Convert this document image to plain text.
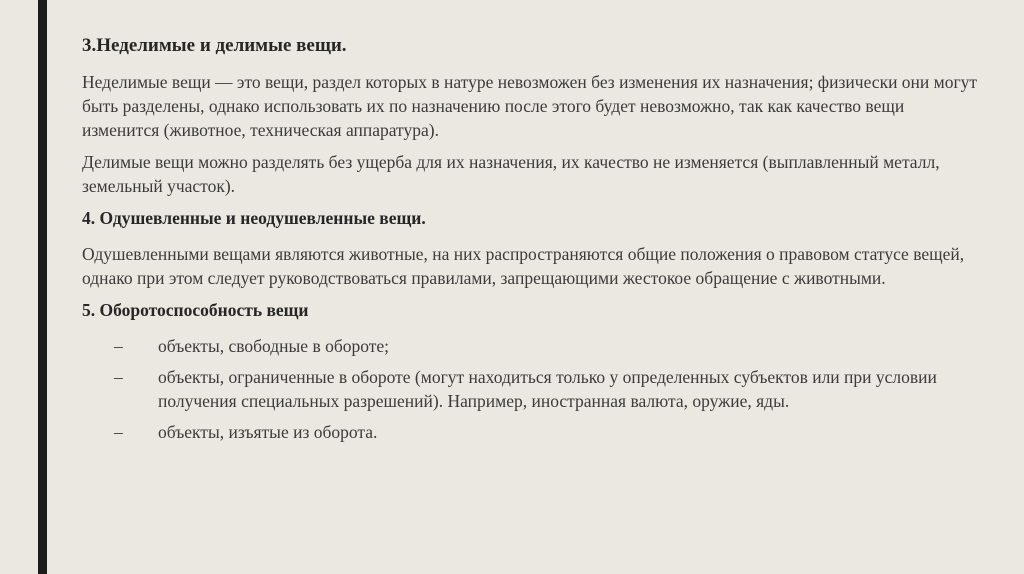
3.Неделимые и делимые вещи.

Неделимые вещи — это вещи, раздел которых в натуре невозможен без изменения их назначения; физически они могут быть разделены, однако использовать их по назначению после этого будет невозможно, так как качество вещи изменится (животное, техническая аппаратура).

Делимые вещи можно разделять без ущерба для их назначения, их качество не изменяется (выплавленный металл, земельный участок).

4. Одушевленные и неодушевленные вещи.

Одушевленными вещами являются животные, на них распространяются общие положения о правовом статусе вещей, однако при этом следует руководствоваться правилами, запрещающими жестокое обращение с животными.

5. Оборотоспособность вещи

– объекты, свободные в обороте;
– объекты, ограниченные в обороте (могут находиться только у определенных субъектов или при условии получения специальных разрешений). Например, иностранная валюта, оружие, яды.
– объекты, изъятые из оборота.
